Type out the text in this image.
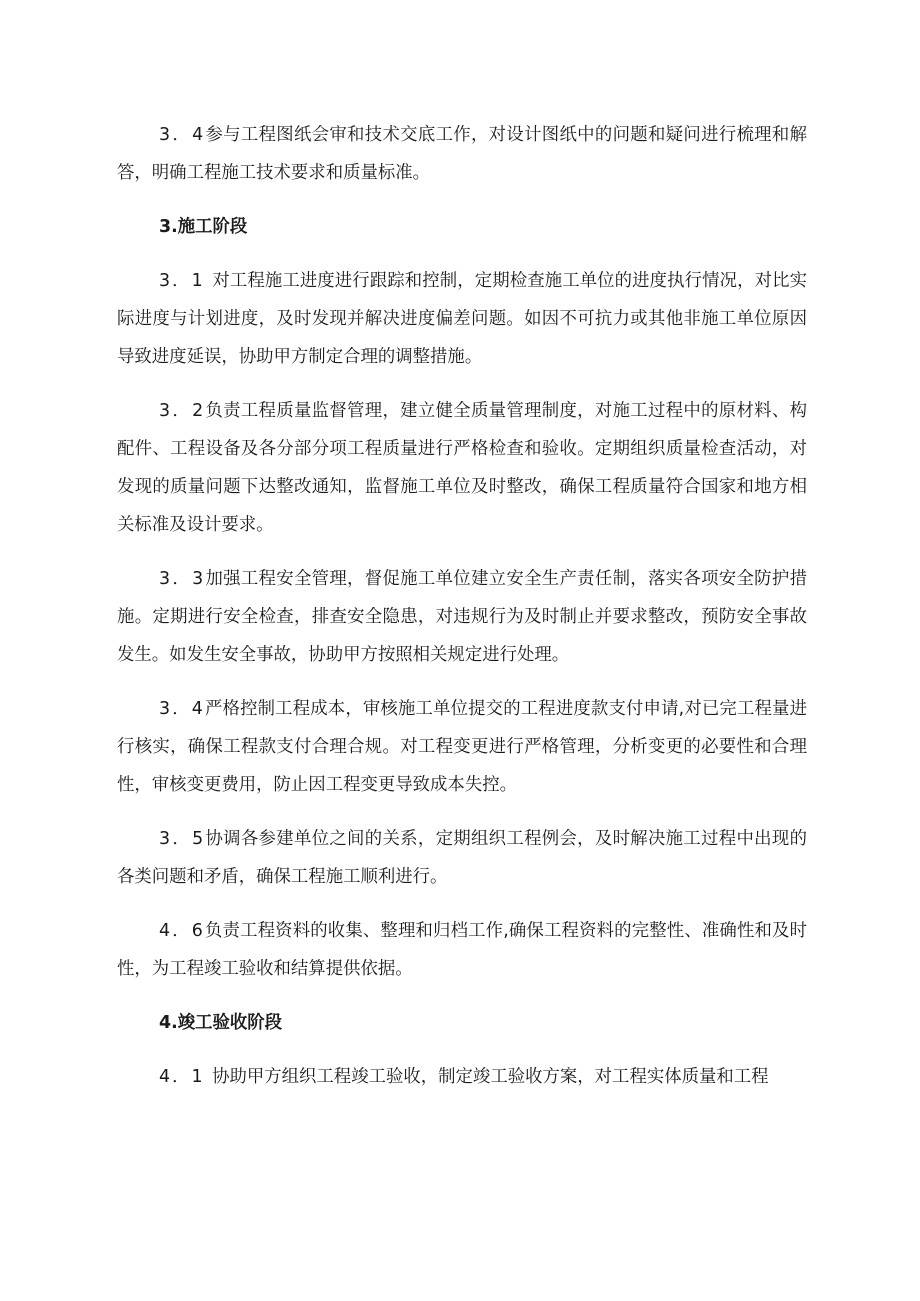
3．4参与工程图纸会审和技术交底工作，对设计图纸中的问题和疑问进行梳理和解答，明确工程施工技术要求和质量标准。

3.施工阶段

3．1 对工程施工进度进行跟踪和控制，定期检查施工单位的进度执行情况，对比实际进度与计划进度，及时发现并解决进度偏差问题。如因不可抗力或其他非施工单位原因导致进度延误，协助甲方制定合理的调整措施。

3．2负责工程质量监督管理，建立健全质量管理制度，对施工过程中的原材料、构配件、工程设备及各分部分项工程质量进行严格检查和验收。定期组织质量检查活动，对发现的质量问题下达整改通知，监督施工单位及时整改，确保工程质量符合国家和地方相关标准及设计要求。

3．3加强工程安全管理，督促施工单位建立安全生产责任制，落实各项安全防护措施。定期进行安全检查，排查安全隐患，对违规行为及时制止并要求整改，预防安全事故发生。如发生安全事故，协助甲方按照相关规定进行处理。

3．4严格控制工程成本，审核施工单位提交的工程进度款支付申请,对已完工程量进行核实，确保工程款支付合理合规。对工程变更进行严格管理，分析变更的必要性和合理性，审核变更费用，防止因工程变更导致成本失控。

3．5协调各参建单位之间的关系，定期组织工程例会，及时解决施工过程中出现的各类问题和矛盾，确保工程施工顺利进行。

4．6负责工程资料的收集、整理和归档工作,确保工程资料的完整性、准确性和及时性，为工程竣工验收和结算提供依据。

4.竣工验收阶段

4．1 协助甲方组织工程竣工验收，制定竣工验收方案，对工程实体质量和工程
